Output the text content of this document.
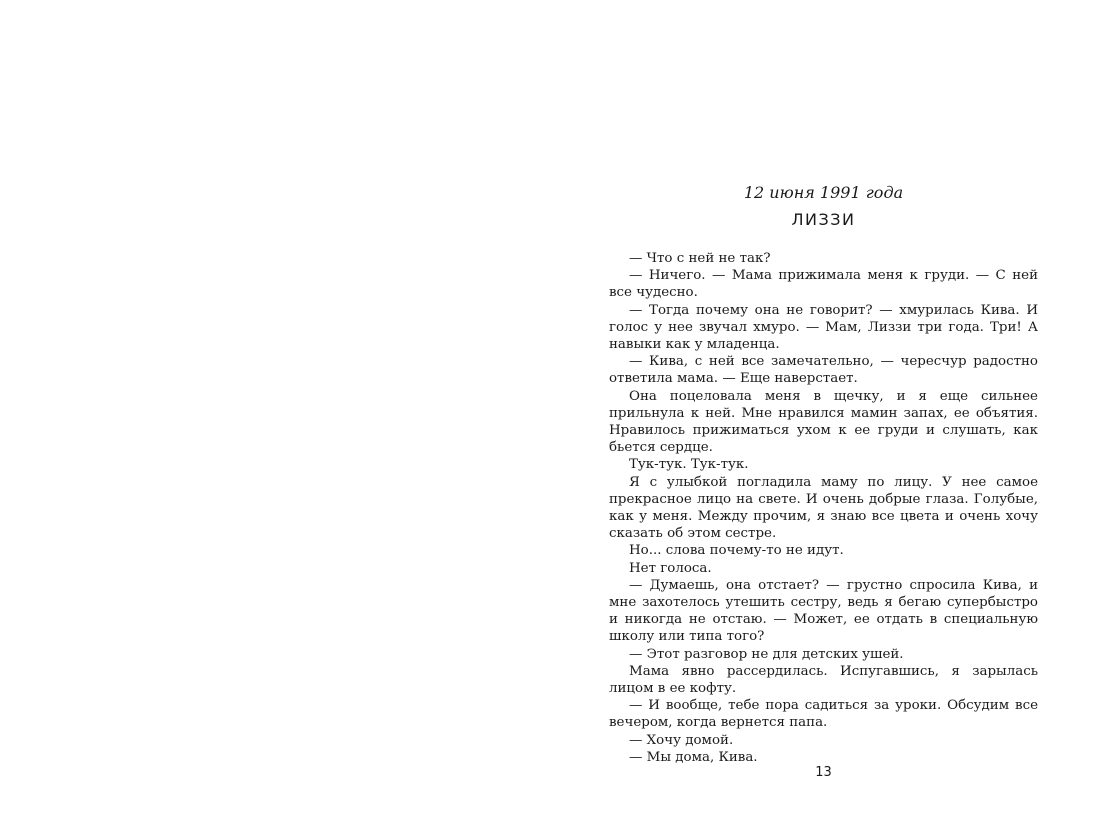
12 июня 1991 года
ЛИЗЗИ

— Что с ней не так?

— Ничего. — Мама прижимала меня к груди. — С ней все чудесно.

— Тогда почему она не говорит? — хмурилась Кива. И голос у нее звучал хмуро. — Мам, Лиззи три года. Три! А навыки как у младенца.

— Кива, с ней все замечательно, — чересчур радостно ответила мама. — Еще наверстает.

Она поцеловала меня в щечку, и я еще сильнее прильнула к ней. Мне нравился мамин запах, ее объятия. Нравилось прижиматься ухом к ее груди и слушать, как бьется сердце.

Тук-тук. Тук-тук.

Я с улыбкой погладила маму по лицу. У нее самое прекрасное лицо на свете. И очень добрые глаза. Голубые, как у меня. Между прочим, я знаю все цвета и очень хочу сказать об этом сестре.

Но... слова почему-то не идут.

Нет голоса.

— Думаешь, она отстает? — грустно спросила Кива, и мне захотелось утешить сестру, ведь я бегаю супербыстро и никогда не отстаю. — Может, ее отдать в специальную школу или типа того?

— Этот разговор не для детских ушей.

Мама явно рассердилась. Испугавшись, я зарылась лицом в ее кофту.

— И вообще, тебе пора садиться за уроки. Обсудим все вечером, когда вернется папа.

— Хочу домой.

— Мы дома, Кива.

13
